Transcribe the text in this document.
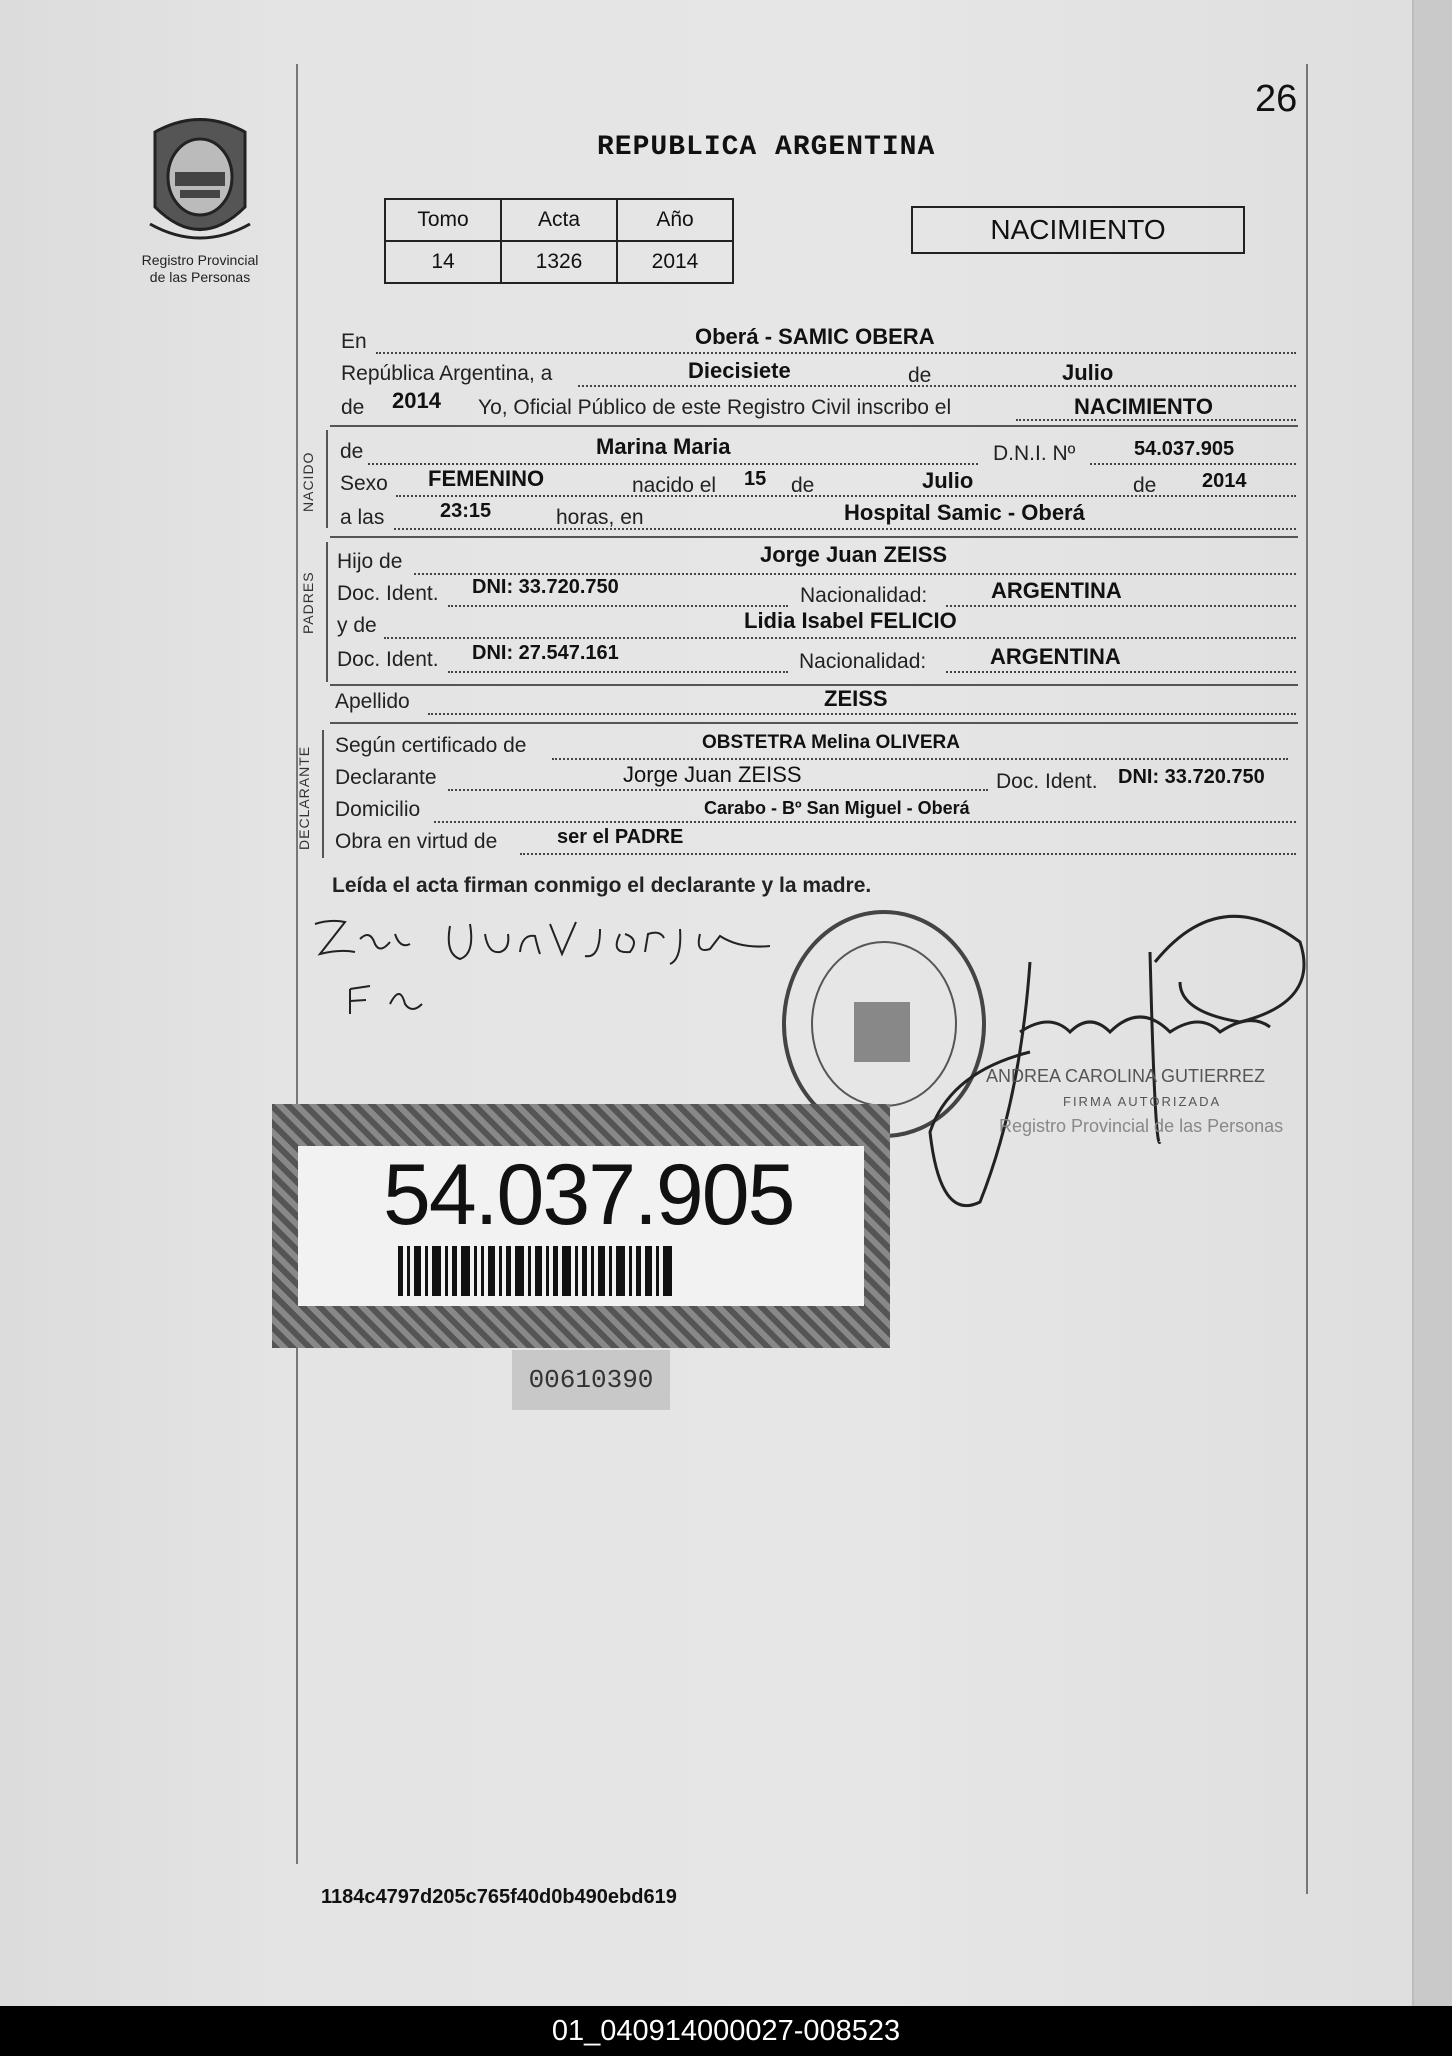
Registro Provincial
de las Personas
26
REPUBLICA ARGENTINA
Tomo	Acta	Año
14	1326	2014
NACIMIENTO
En	Oberá - SAMIC OBERA
República Argentina, a	Diecisiete	de	Julio
de 2014 Yo, Oficial Público de este Registro Civil inscribo el	NACIMIENTO
NACIDO
de	Marina Maria	D.N.I. Nº	54.037.905
Sexo FEMENINO	nacido el 15 de	Julio	de 2014
a las	23:15	horas, en	Hospital Samic - Oberá
PADRES
Hijo de	Jorge Juan ZEISS
Doc. Ident. DNI: 33.720.750	Nacionalidad:	ARGENTINA
y de	Lidia Isabel FELICIO
Doc. Ident. DNI: 27.547.161	Nacionalidad:	ARGENTINA
Apellido	ZEISS
DECLARANTE
Según certificado de	OBSTETRA Melina OLIVERA
Declarante	Jorge Juan ZEISS	Doc. Ident. DNI: 33.720.750
Domicilio	Carabo - Bº San Miguel - Oberá
Obra en virtud de	ser el PADRE
Leída el acta firman conmigo el declarante y la madre.
ANDREA CAROLINA GUTIERREZ
FIRMA AUTORIZADA
Registro Provincial de las Personas
54.037.905
00610390
1184c4797d205c765f40d0b490ebd619
01_040914000027-008523
